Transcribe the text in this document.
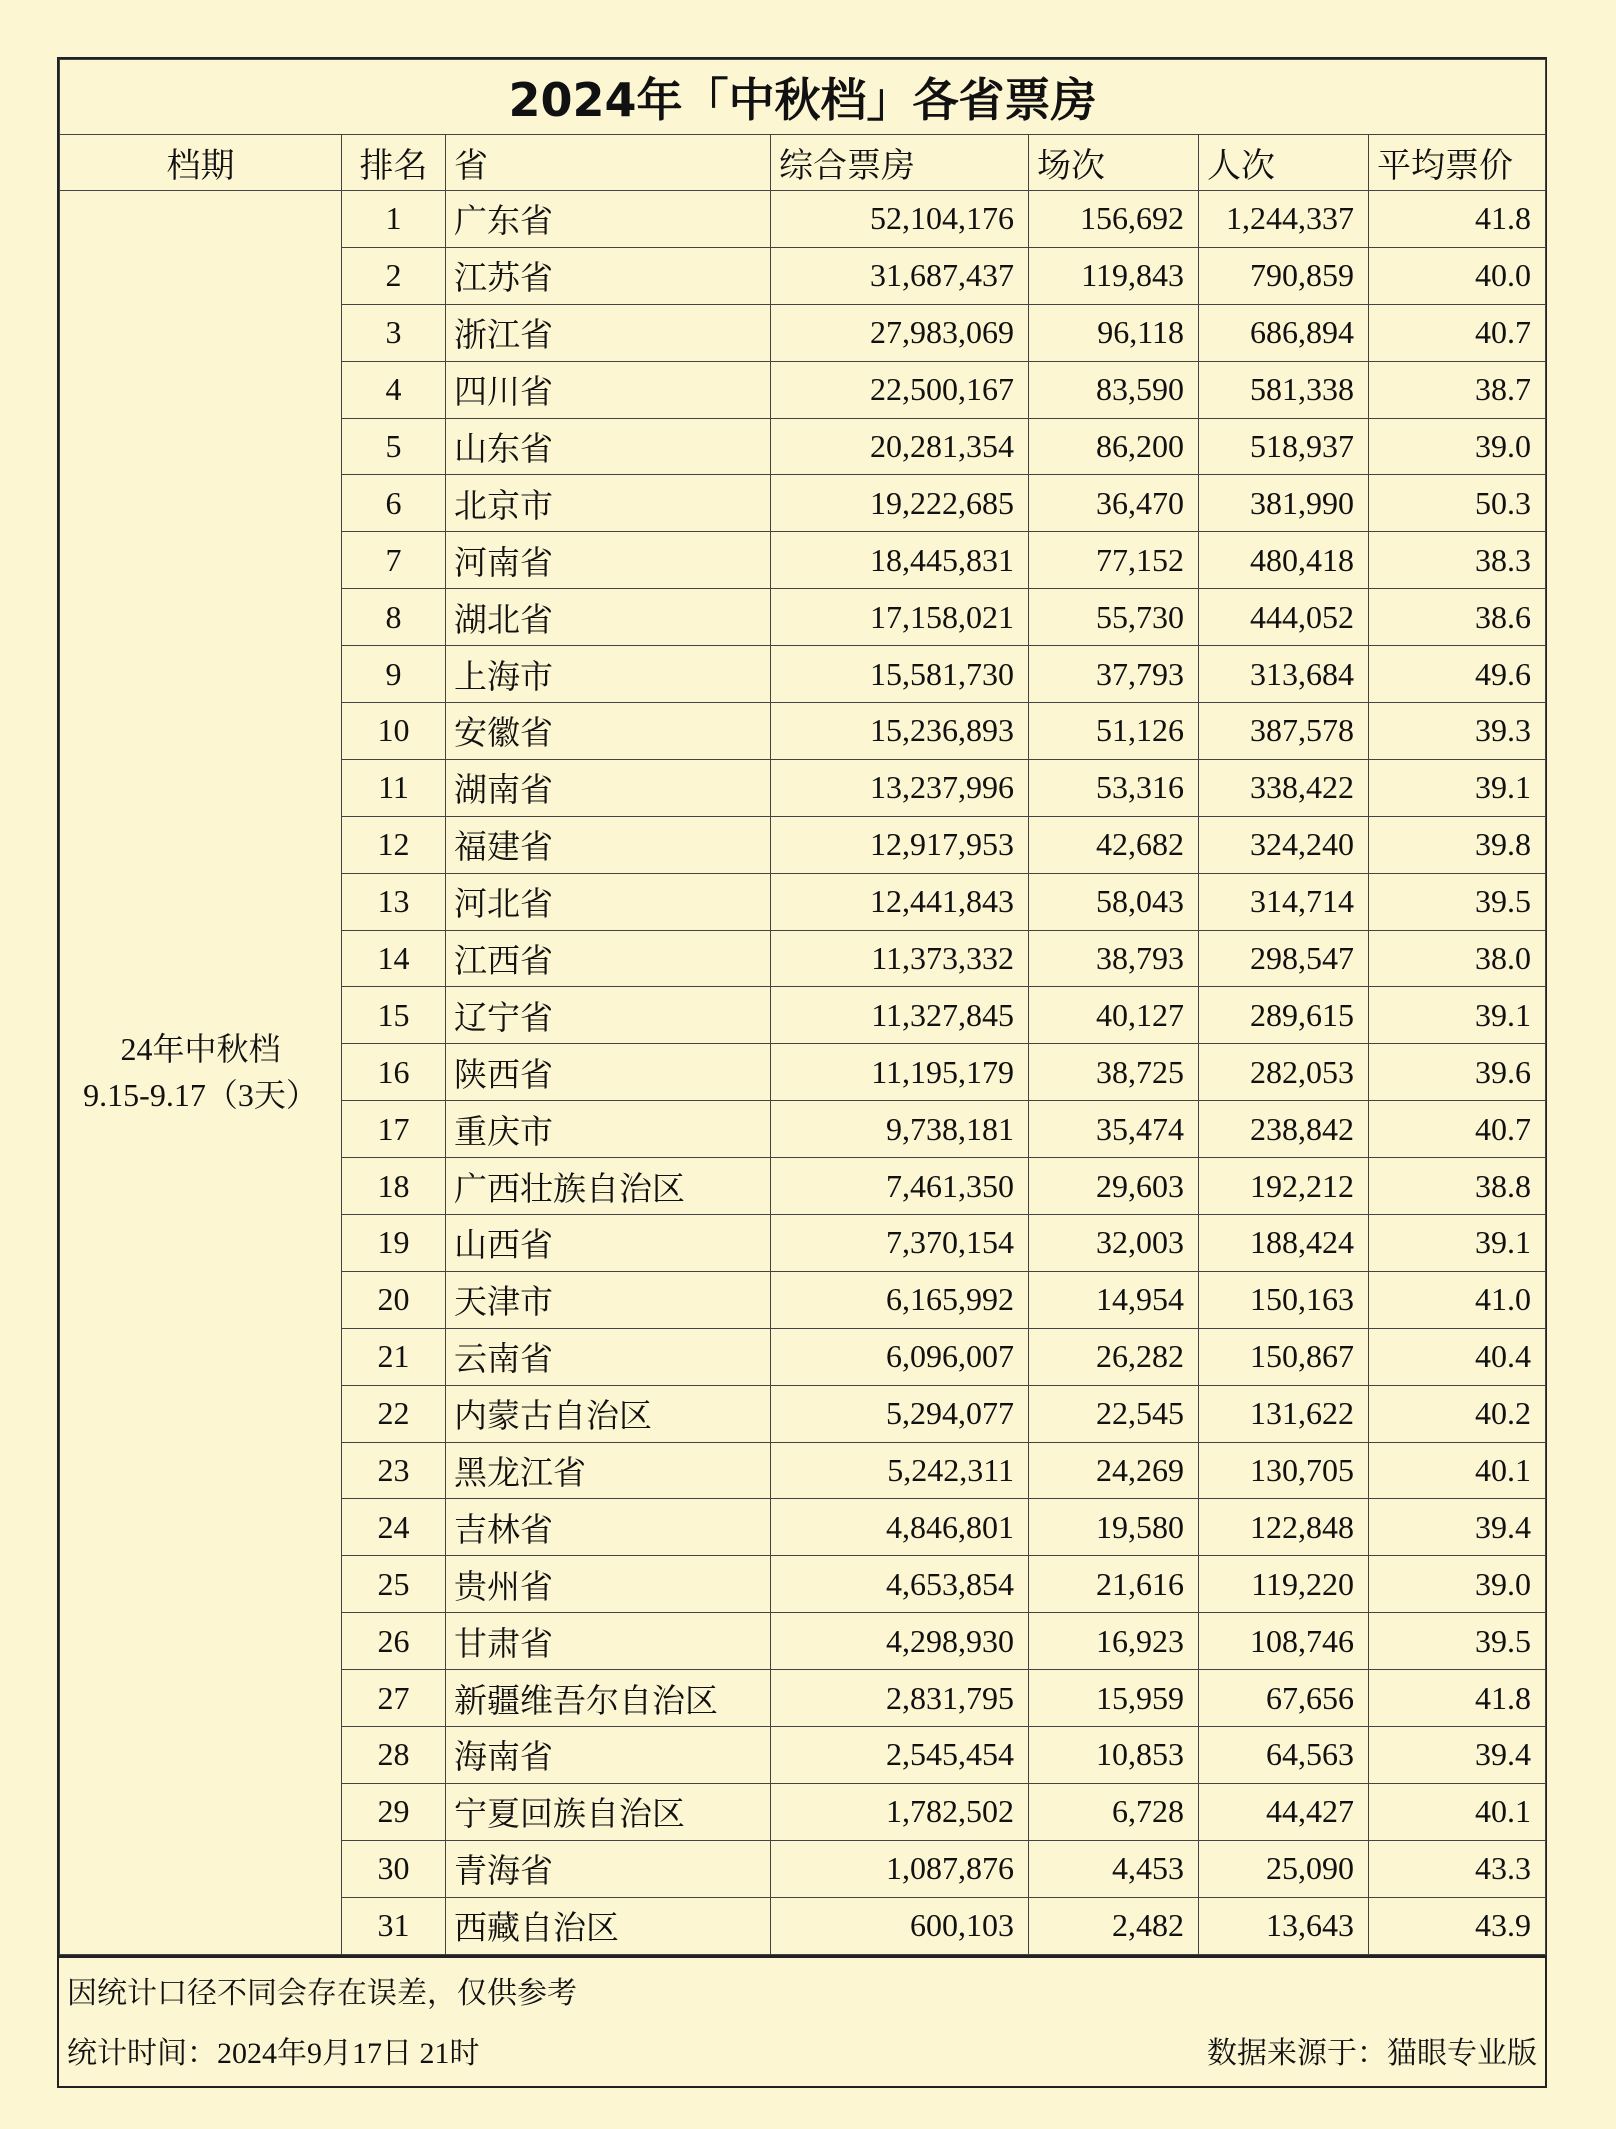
2024年「中秋档」各省票房						
档期	排名	省	综合票房	场次	人次	平均票价

24年中秋档
9.15-9.17（3天）	1	广东省	52,104,176	156,692	1,244,337	41.8
	2	江苏省	31,687,437	119,843	790,859	40.0
	3	浙江省	27,983,069	96,118	686,894	40.7
	4	四川省	22,500,167	83,590	581,338	38.7
	5	山东省	20,281,354	86,200	518,937	39.0
	6	北京市	19,222,685	36,470	381,990	50.3
	7	河南省	18,445,831	77,152	480,418	38.3
	8	湖北省	17,158,021	55,730	444,052	38.6
	9	上海市	15,581,730	37,793	313,684	49.6
	10	安徽省	15,236,893	51,126	387,578	39.3
	11	湖南省	13,237,996	53,316	338,422	39.1
	12	福建省	12,917,953	42,682	324,240	39.8
	13	河北省	12,441,843	58,043	314,714	39.5
	14	江西省	11,373,332	38,793	298,547	38.0
	15	辽宁省	11,327,845	40,127	289,615	39.1
	16	陕西省	11,195,179	38,725	282,053	39.6
	17	重庆市	9,738,181	35,474	238,842	40.7
	18	广西壮族自治区	7,461,350	29,603	192,212	38.8
	19	山西省	7,370,154	32,003	188,424	39.1
	20	天津市	6,165,992	14,954	150,163	41.0
	21	云南省	6,096,007	26,282	150,867	40.4
	22	内蒙古自治区	5,294,077	22,545	131,622	40.2
	23	黑龙江省	5,242,311	24,269	130,705	40.1
	24	吉林省	4,846,801	19,580	122,848	39.4
	25	贵州省	4,653,854	21,616	119,220	39.0
	26	甘肃省	4,298,930	16,923	108,746	39.5
	27	新疆维吾尔自治区	2,831,795	15,959	67,656	41.8
	28	海南省	2,545,454	10,853	64,563	39.4
	29	宁夏回族自治区	1,782,502	6,728	44,427	40.1
	30	青海省	1,087,876	4,453	25,090	43.3
	31	西藏自治区	600,103	2,482	13,643	43.9
因统计口径不同会存在误差，仅供参考
统计时间：2024年9月17日 21时	数据来源于：猫眼专业版
